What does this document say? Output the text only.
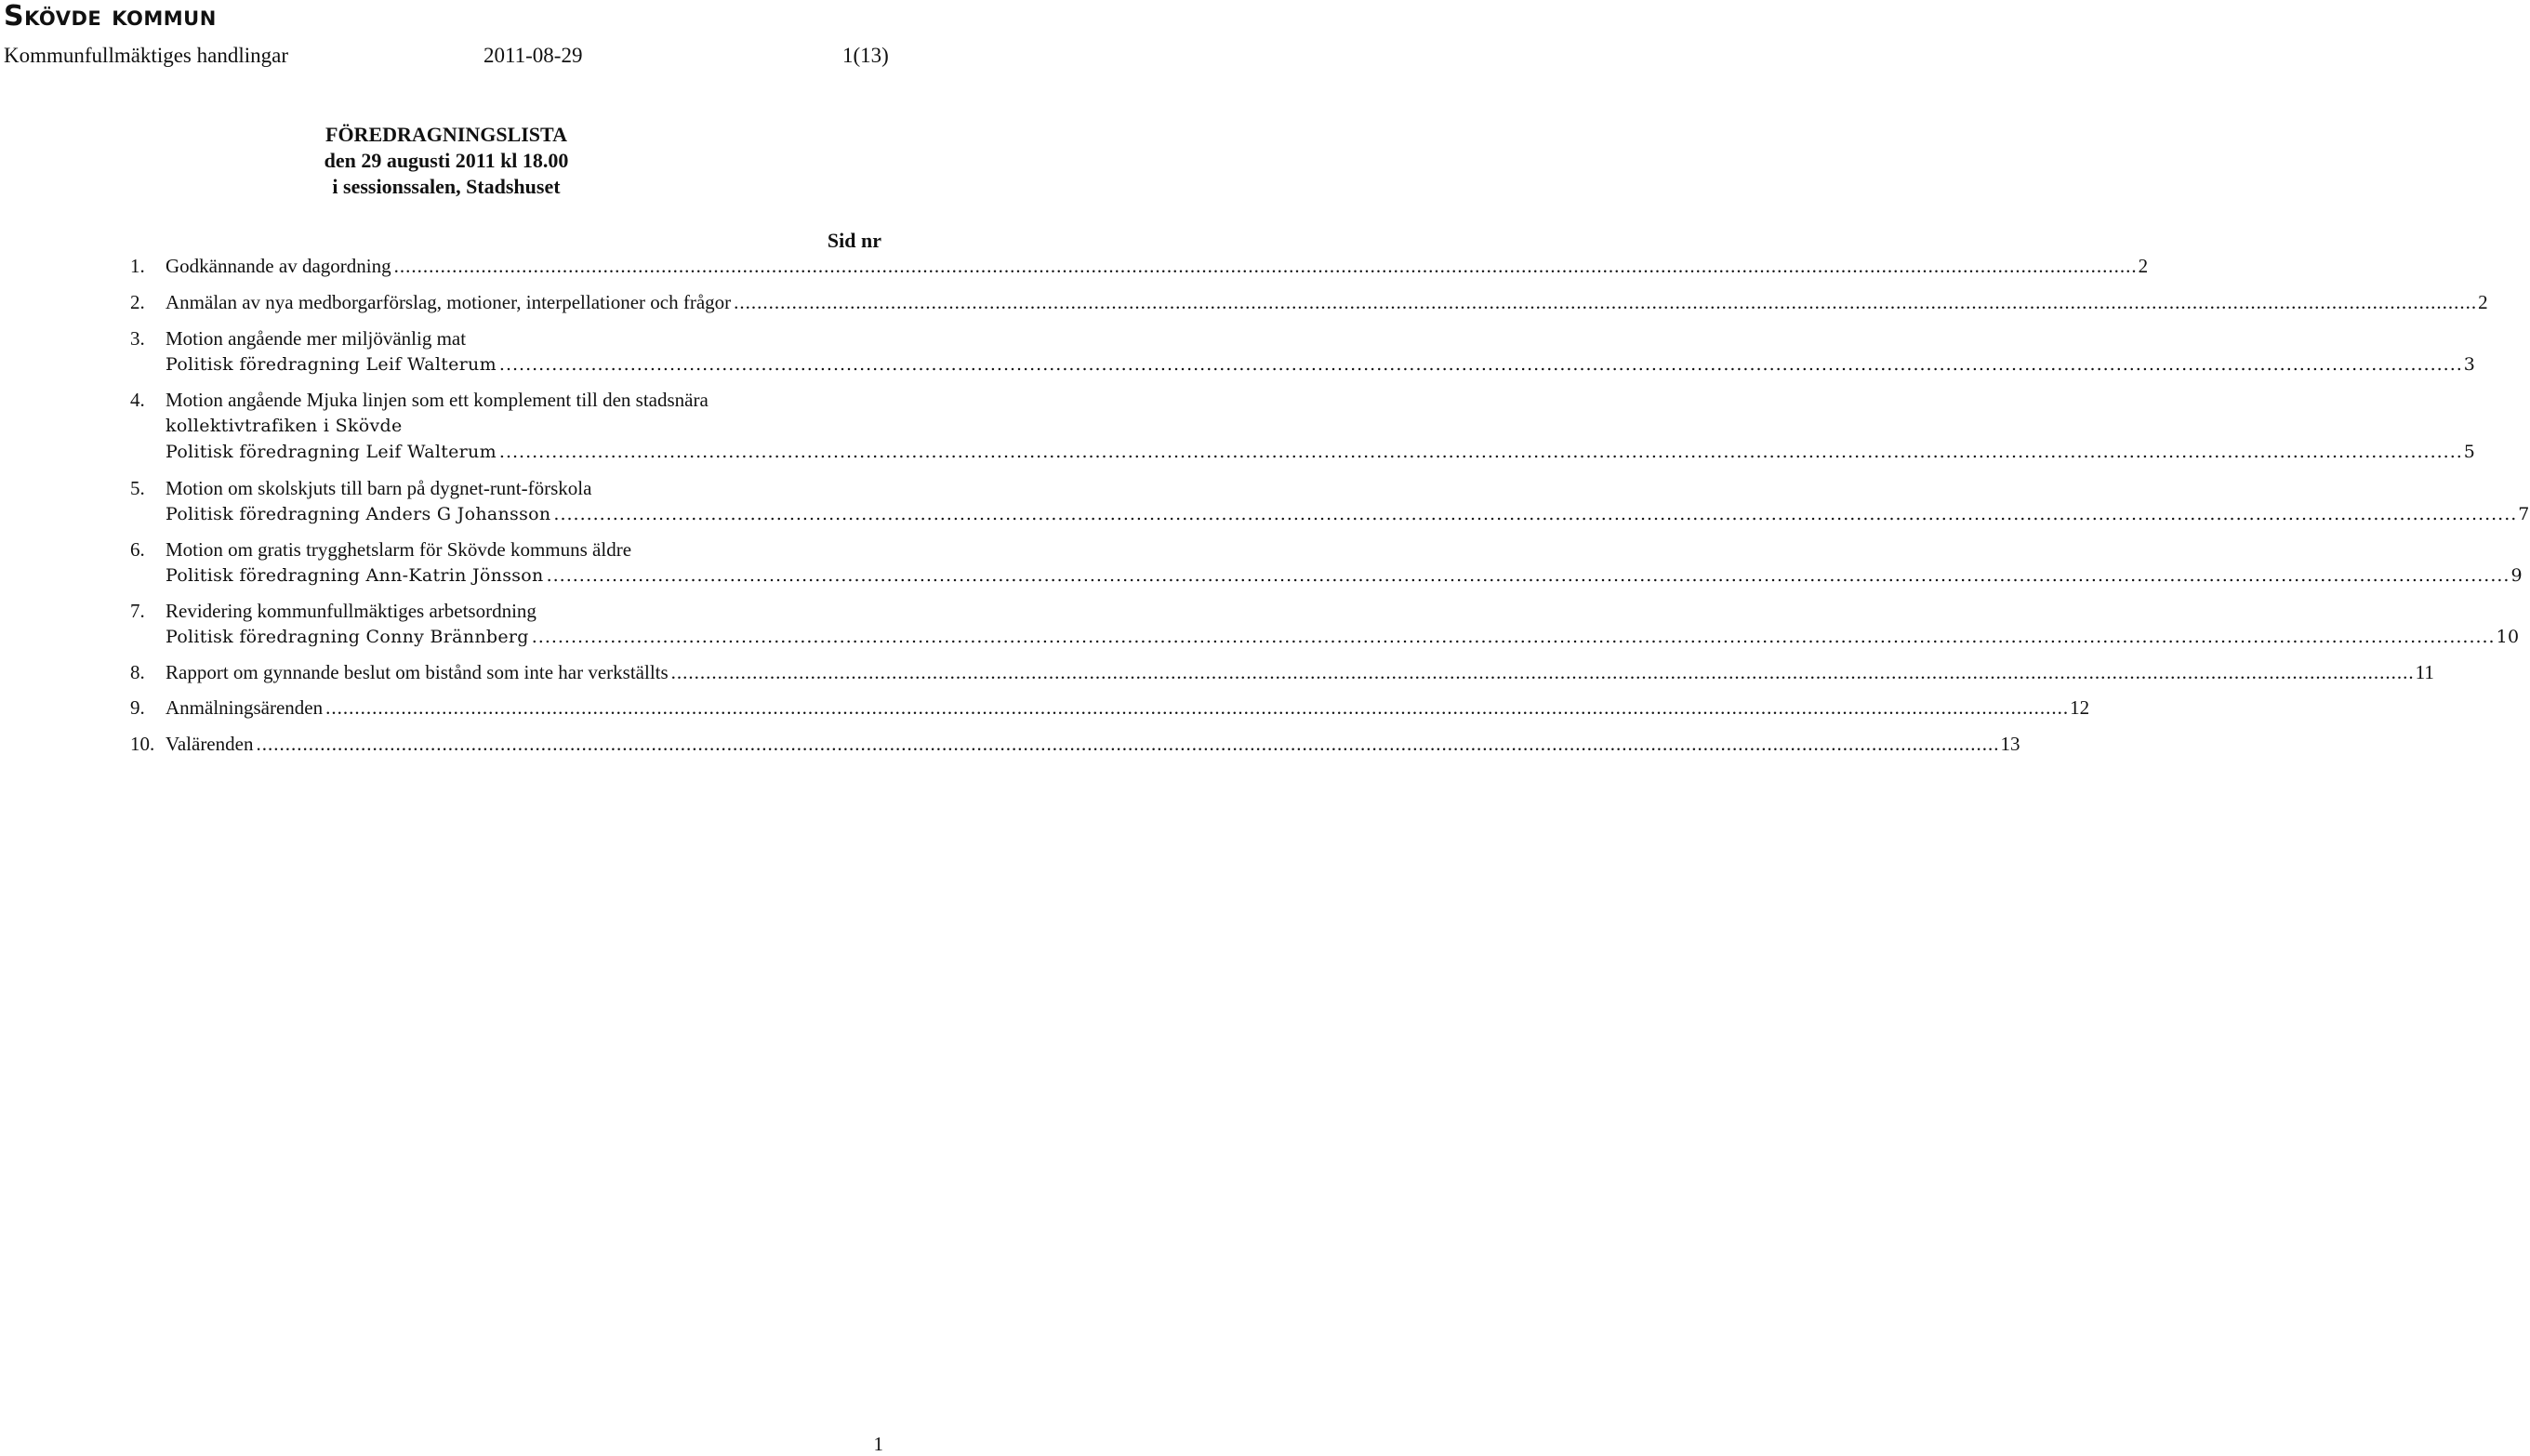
Skövde kommun
Kommunfullmäktiges handlingar	2011-08-29	1(13)
FÖREDRAGNINGSLISTA
den 29 augusti 2011 kl 18.00
i sessionssalen, Stadshuset
Sid nr
1. Godkännande av dagordning ............................................................................................................................................................................................................................................................................................................ 2
2. Anmälan av nya medborgarförslag, motioner, interpellationer och frågor ............................................................................................................................................................................................................................................................................................................ 2
3. Motion angående mer miljövänlig mat
Politisk föredragning Leif Walterum ............................................................................................................................................................................................................................................................................................................ 3
4. Motion angående Mjuka linjen som ett komplement till den stadsnära
kollektivtrafiken i Skövde
Politisk föredragning Leif Walterum ............................................................................................................................................................................................................................................................................................................ 5
5. Motion om skolskjuts till barn på dygnet-runt-förskola
Politisk föredragning Anders G Johansson ............................................................................................................................................................................................................................................................................................................ 7
6. Motion om gratis trygghetslarm för Skövde kommuns äldre
Politisk föredragning Ann-Katrin Jönsson ............................................................................................................................................................................................................................................................................................................ 9
7. Revidering kommunfullmäktiges arbetsordning
Politisk föredragning Conny Brännberg ............................................................................................................................................................................................................................................................................................................ 10
8. Rapport om gynnande beslut om bistånd som inte har verkställts ............................................................................................................................................................................................................................................................................................................ 11
9. Anmälningsärenden ............................................................................................................................................................................................................................................................................................................ 12
10. Valärenden ............................................................................................................................................................................................................................................................................................................ 13
1
